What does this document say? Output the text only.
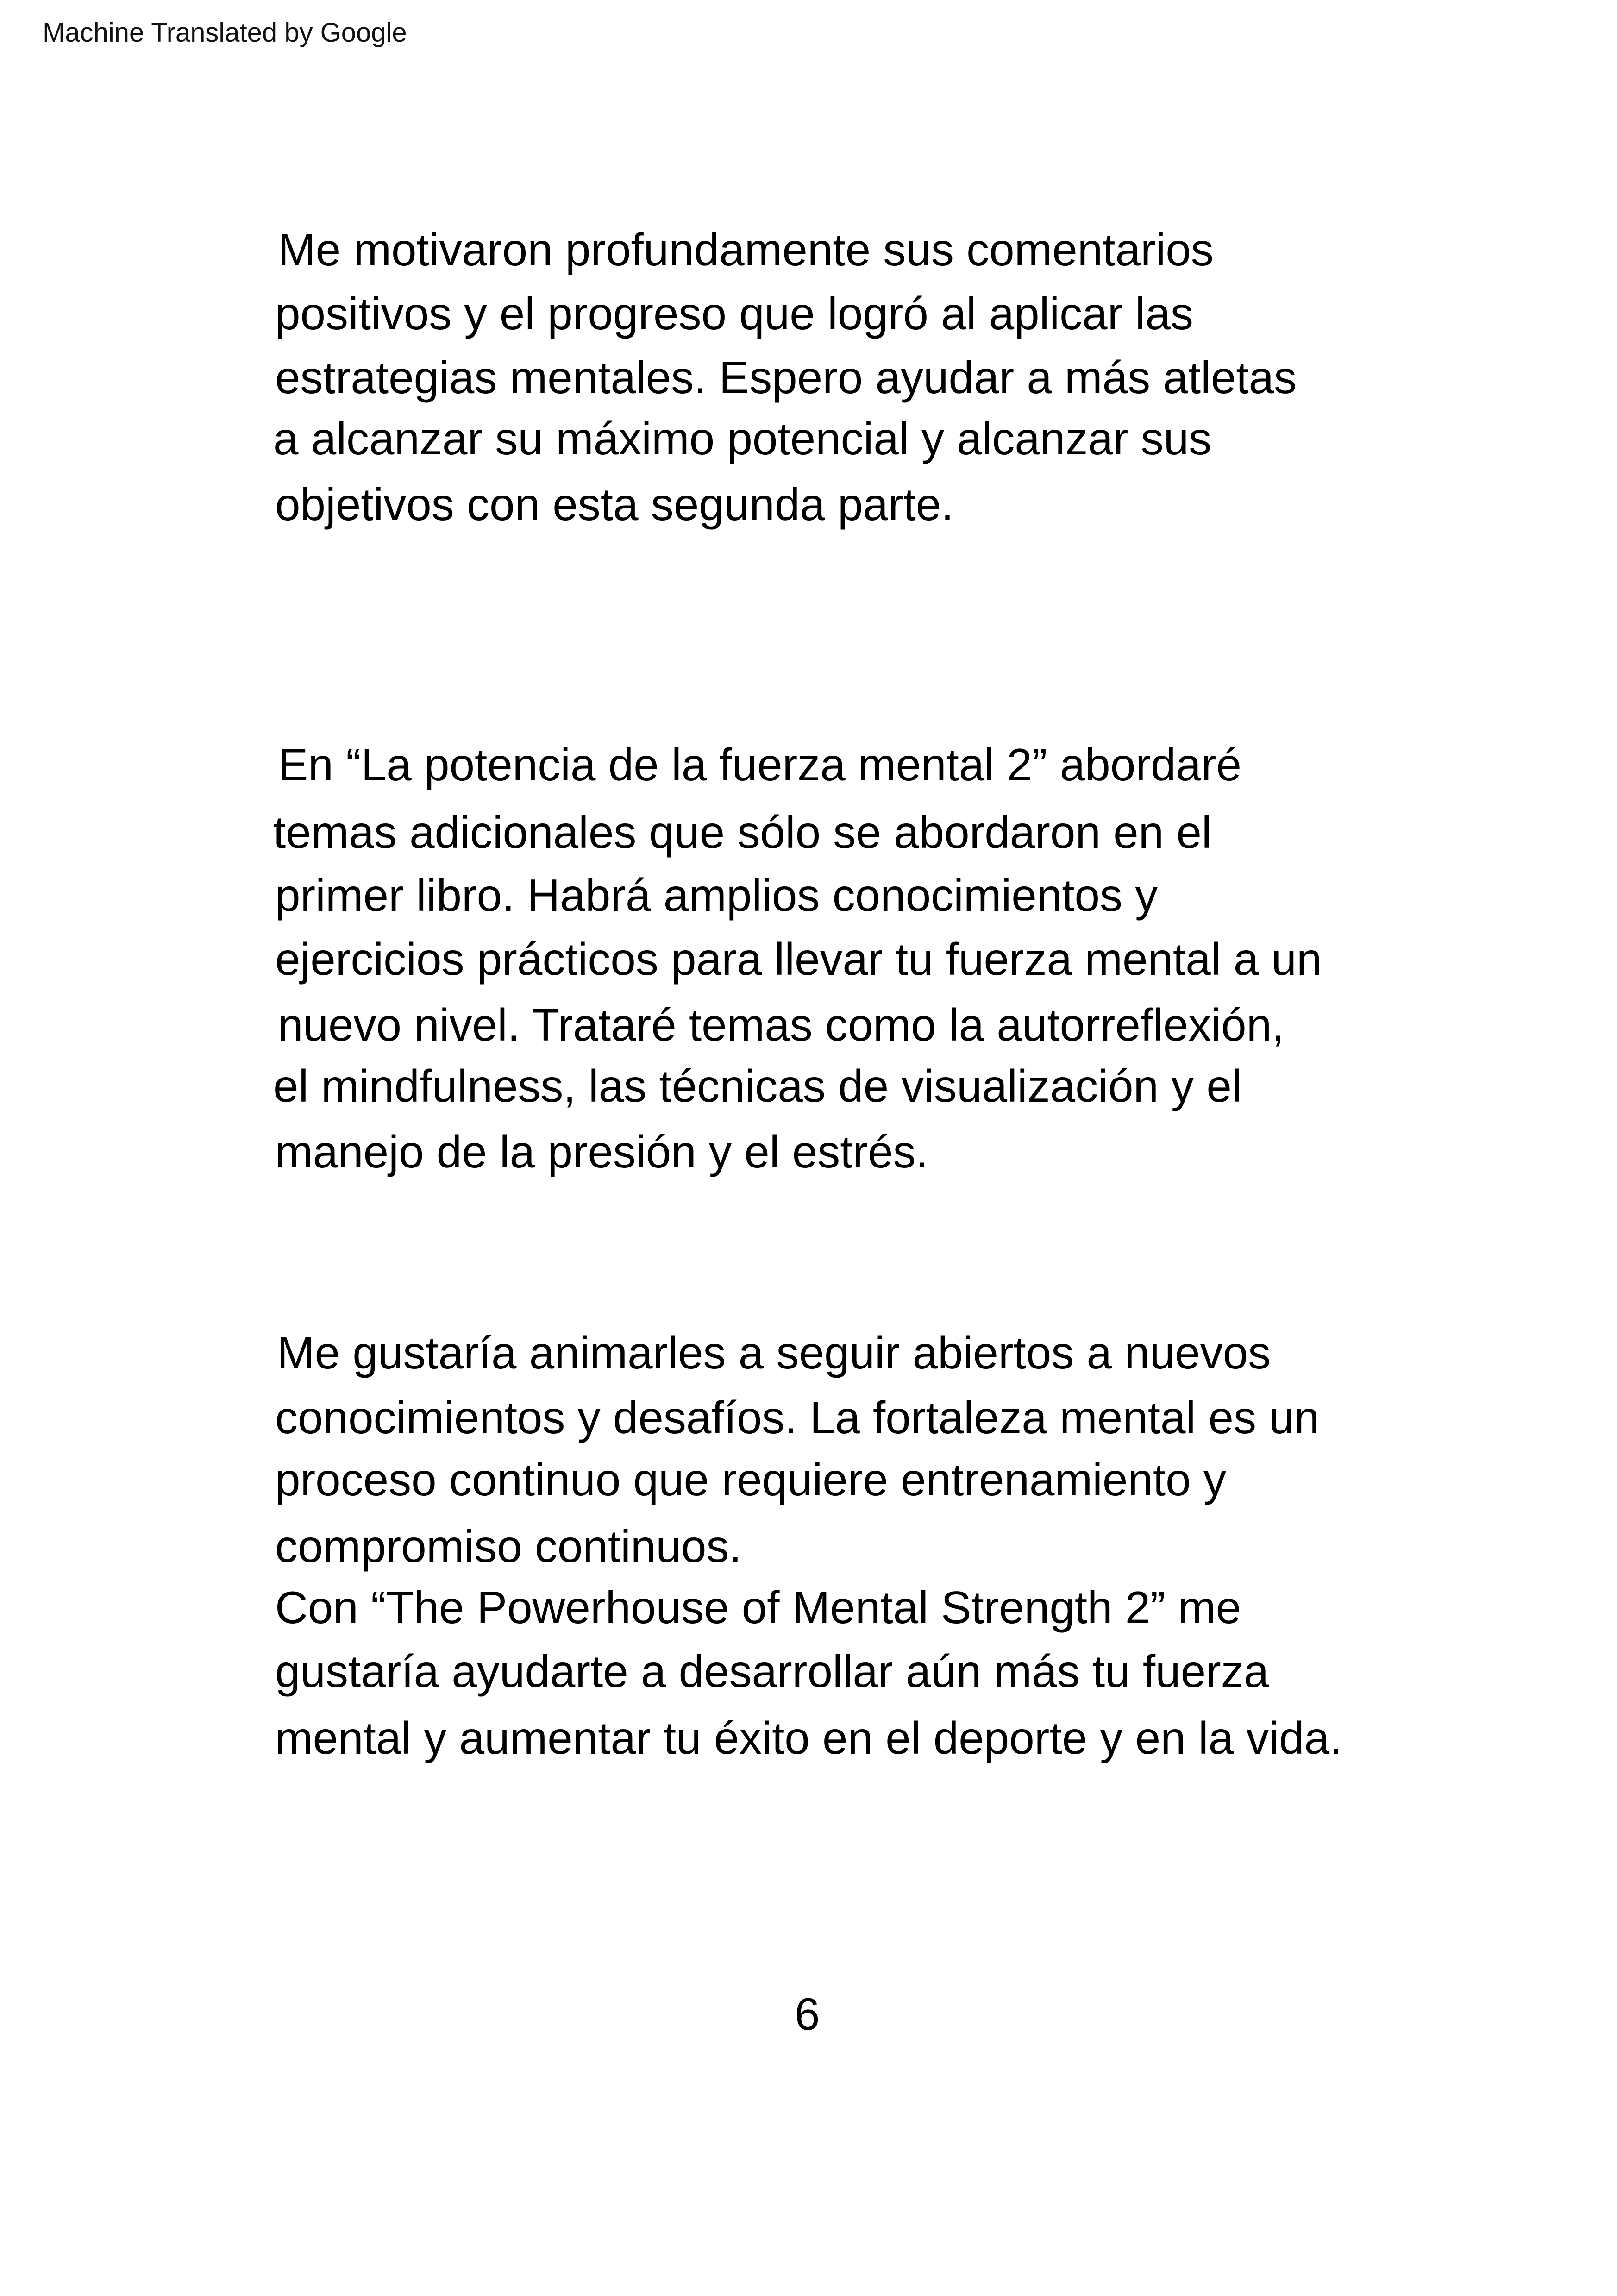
Machine Translated by Google
Me motivaron profundamente sus comentarios
positivos y el progreso que logró al aplicar las
estrategias mentales. Espero ayudar a más atletas
a alcanzar su máximo potencial y alcanzar sus
objetivos con esta segunda parte.
En “La potencia de la fuerza mental 2” abordaré
temas adicionales que sólo se abordaron en el
primer libro. Habrá amplios conocimientos y
ejercicios prácticos para llevar tu fuerza mental a un
nuevo nivel. Trataré temas como la autorreflexión,
el mindfulness, las técnicas de visualización y el
manejo de la presión y el estrés.
Me gustaría animarles a seguir abiertos a nuevos
conocimientos y desafíos. La fortaleza mental es un
proceso continuo que requiere entrenamiento y
compromiso continuos.
Con “The Powerhouse of Mental Strength 2” me
gustaría ayudarte a desarrollar aún más tu fuerza
mental y aumentar tu éxito en el deporte y en la vida.
6
